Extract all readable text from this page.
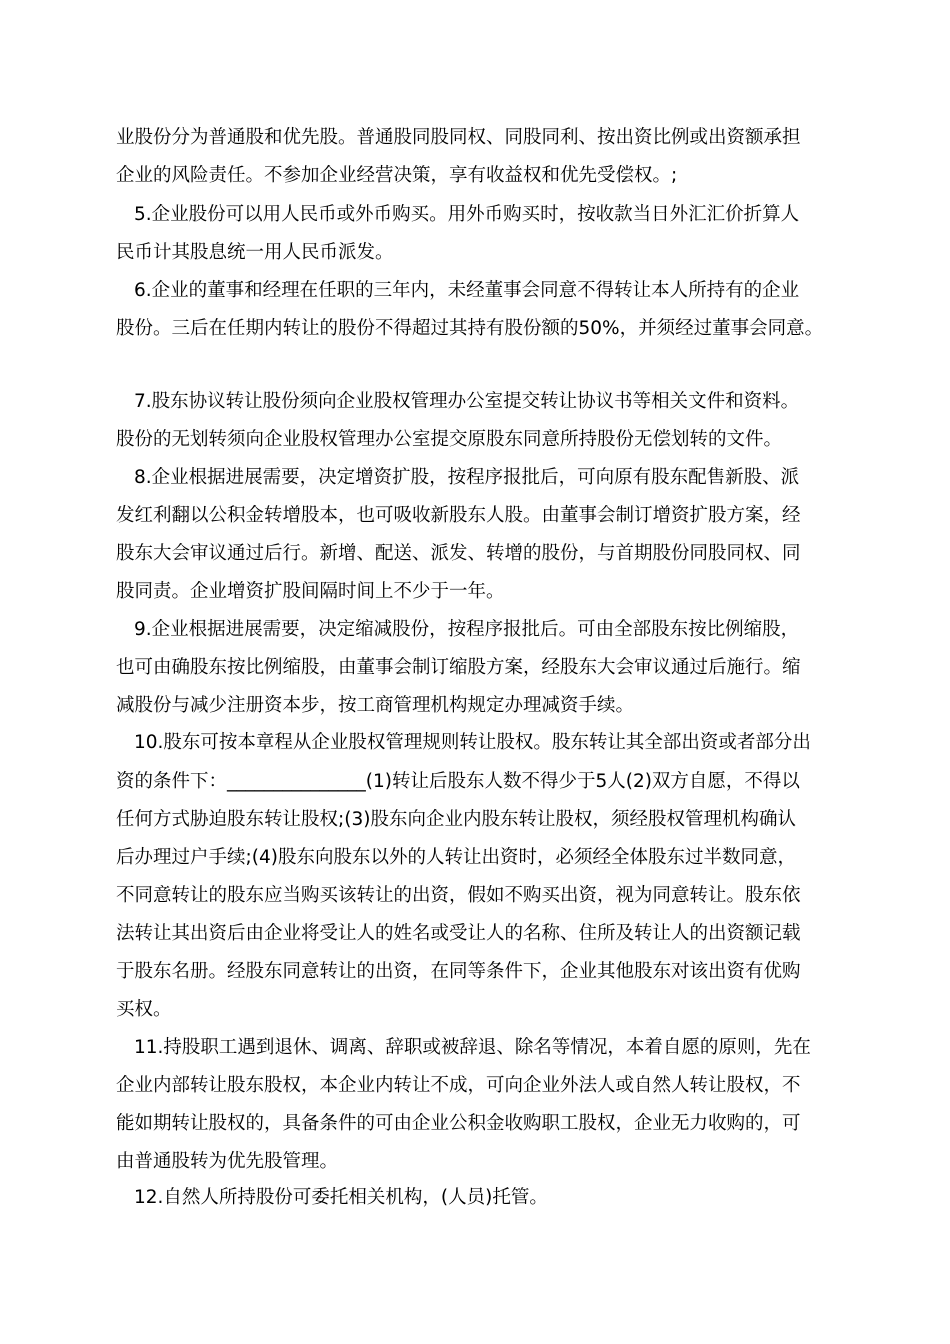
业股份分为普通股和优先股。普通股同股同权、同股同利、按出资比例或出资额承担
企业的风险责任。不参加企业经营决策，享有收益权和优先受偿权。;
5.企业股份可以用人民币或外币购买。用外币购买时，按收款当日外汇汇价折算人
民币计其股息统一用人民币派发。
6.企业的董事和经理在任职的三年内，未经董事会同意不得转让本人所持有的企业
股份。三后在任期内转让的股份不得超过其持有股份额的50%，并须经过董事会同意。
7.股东协议转让股份须向企业股权管理办公室提交转让协议书等相关文件和资料。
股份的无划转须向企业股权管理办公室提交原股东同意所持股份无偿划转的文件。
8.企业根据进展需要，决定增资扩股，按程序报批后，可向原有股东配售新股、派
发红利翻以公积金转增股本，也可吸收新股东人股。由董事会制订增资扩股方案，经
股东大会审议通过后行。新增、配送、派发、转增的股份，与首期股份同股同权、同
股同责。企业增资扩股间隔时间上不少于一年。
9.企业根据进展需要，决定缩减股份，按程序报批后。可由全部股东按比例缩股，
也可由确股东按比例缩股，由董事会制订缩股方案，经股东大会审议通过后施行。缩
减股份与减少注册资本步，按工商管理机构规定办理减资手续。
10.股东可按本章程从企业股权管理规则转让股权。股东转让其全部出资或者部分出
资的条件下：_______________(1)转让后股东人数不得少于5人(2)双方自愿，不得以
任何方式胁迫股东转让股权;(3)股东向企业内股东转让股权，须经股权管理机构确认
后办理过户手续;(4)股东向股东以外的人转让出资时，必须经全体股东过半数同意，
不同意转让的股东应当购买该转让的出资，假如不购买出资，视为同意转让。股东依
法转让其出资后由企业将受让人的姓名或受让人的名称、住所及转让人的出资额记载
于股东名册。经股东同意转让的出资，在同等条件下，企业其他股东对该出资有优购
买权。
11.持股职工遇到退休、调离、辞职或被辞退、除名等情况，本着自愿的原则，先在
企业内部转让股东股权，本企业内转让不成，可向企业外法人或自然人转让股权，不
能如期转让股权的，具备条件的可由企业公积金收购职工股权，企业无力收购的，可
由普通股转为优先股管理。
12.自然人所持股份可委托相关机构，(人员)托管。
